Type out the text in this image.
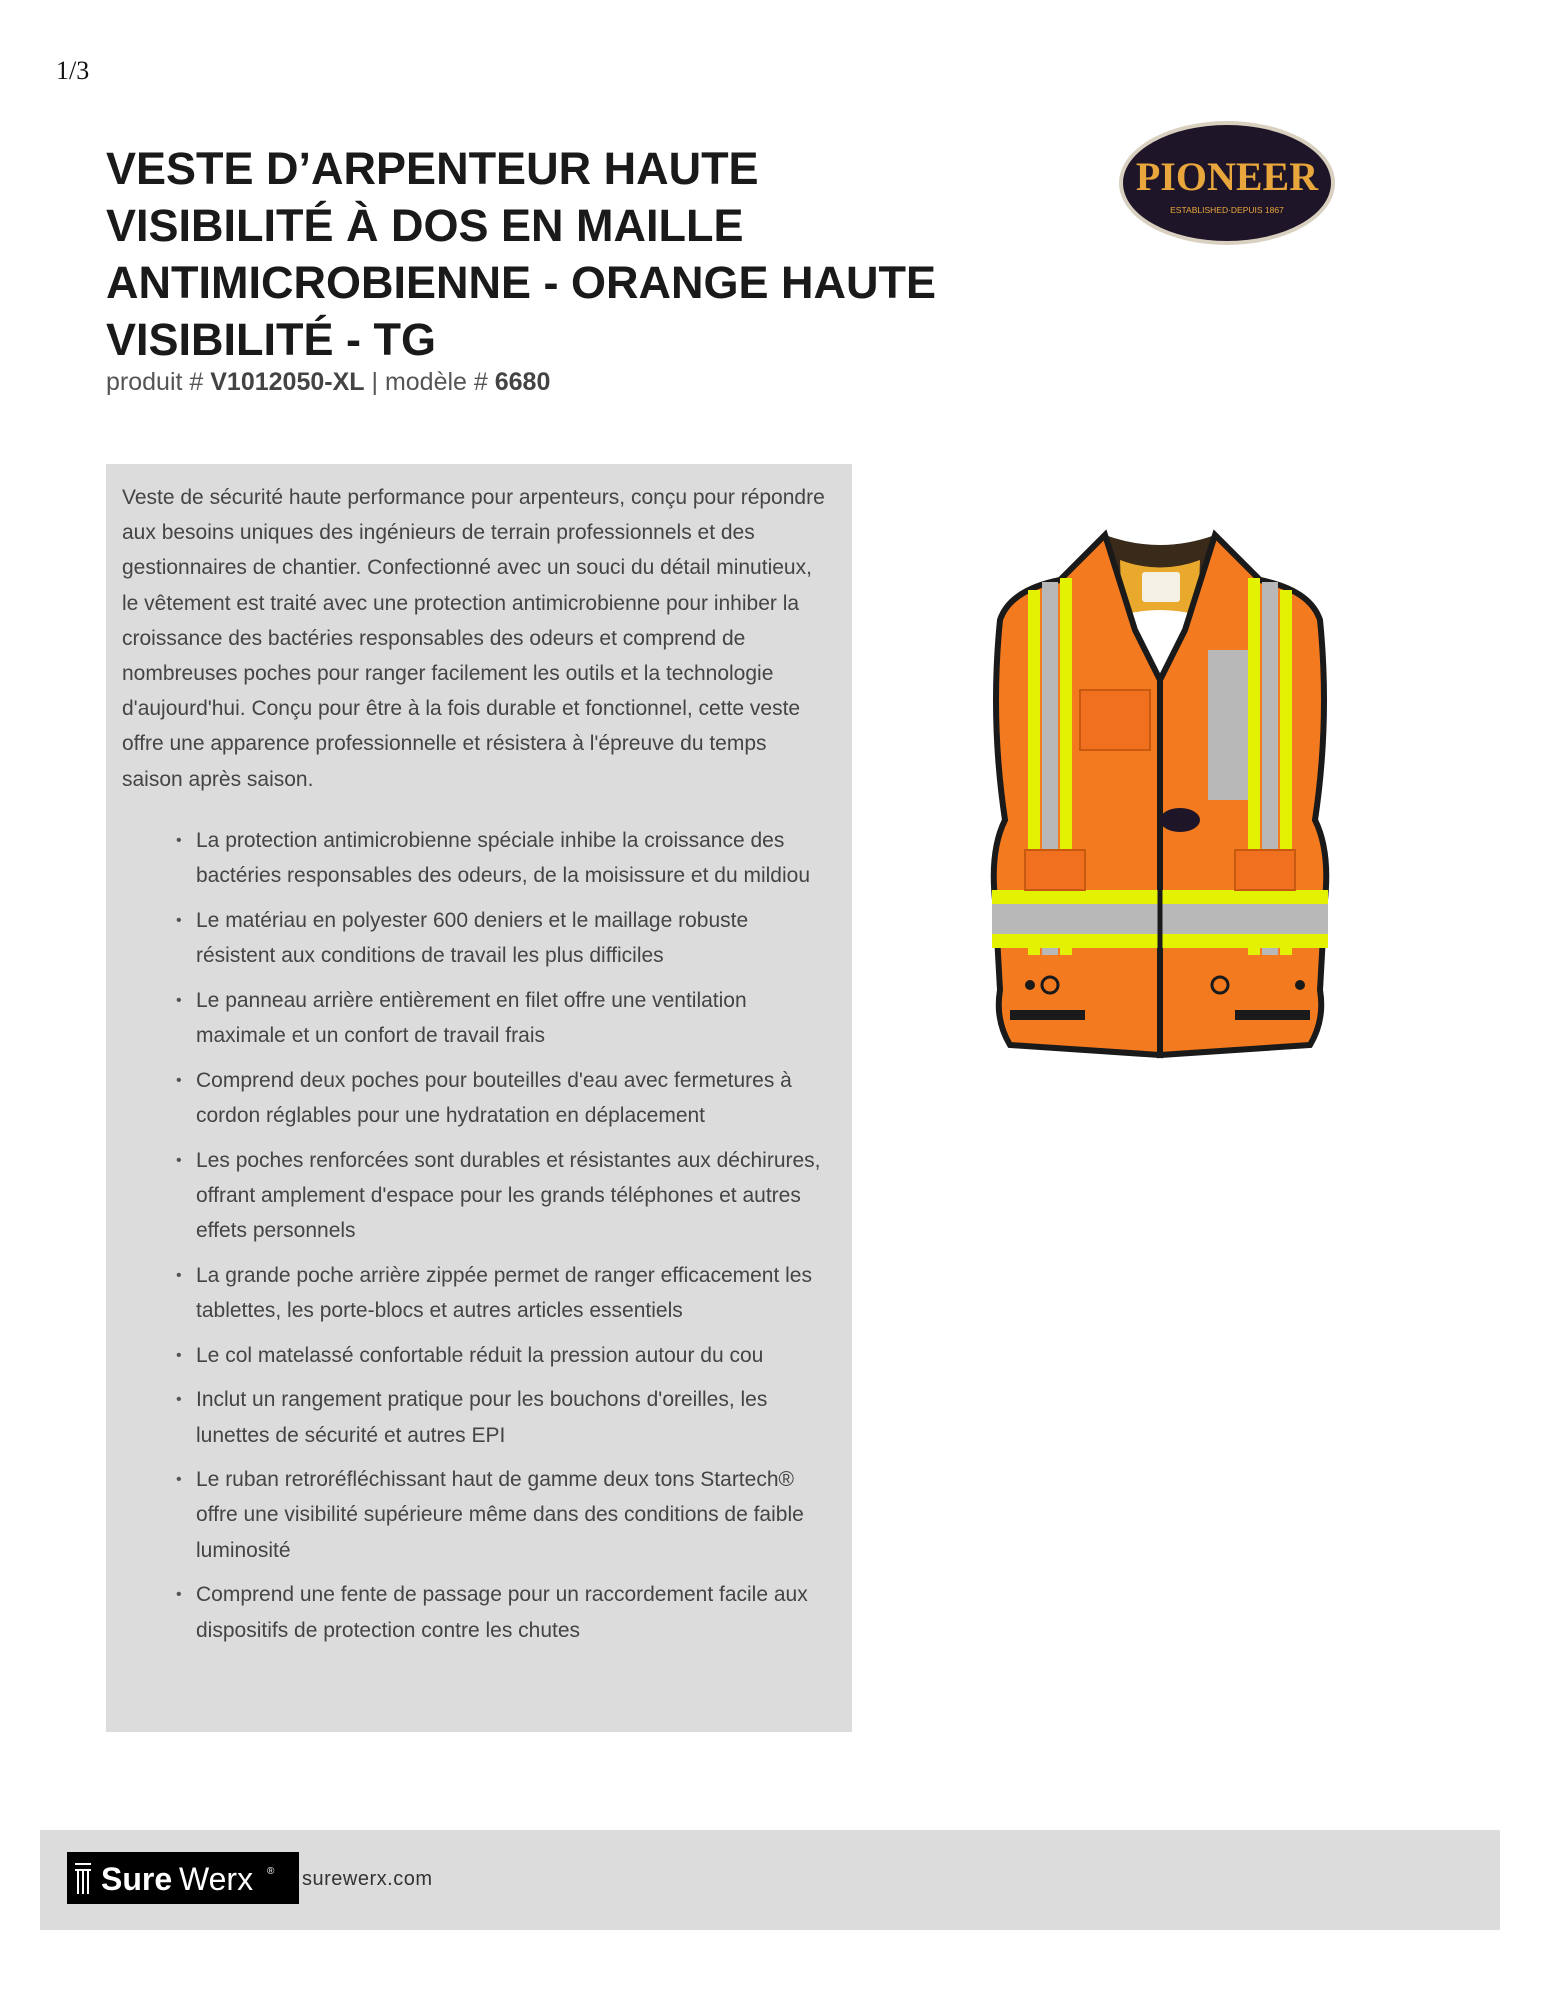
1/3
VESTE D’ARPENTEUR HAUTE
VISIBILITÉ À DOS EN MAILLE
ANTIMICROBIENNE - ORANGE HAUTE
VISIBILITÉ - TG
produit # V1012050-XL | modèle # 6680
PIONEER
ESTABLISHED·DEPUIS 1867

Veste de sécurité haute performance pour arpenteurs, conçu pour répondre aux besoins uniques des ingénieurs de terrain professionnels et des gestionnaires de chantier. Confectionné avec un souci du détail minutieux, le vêtement est traité avec une protection antimicrobienne pour inhiber la croissance des bactéries responsables des odeurs et comprend de nombreuses poches pour ranger facilement les outils et la technologie d'aujourd'hui. Conçu pour être à la fois durable et fonctionnel, cette veste offre une apparence professionnelle et résistera à l'épreuve du temps saison après saison.

• La protection antimicrobienne spéciale inhibe la croissance des bactéries responsables des odeurs, de la moisissure et du mildiou
• Le matériau en polyester 600 deniers et le maillage robuste résistent aux conditions de travail les plus difficiles
• Le panneau arrière entièrement en filet offre une ventilation maximale et un confort de travail frais
• Comprend deux poches pour bouteilles d'eau avec fermetures à cordon réglables pour une hydratation en déplacement
• Les poches renforcées sont durables et résistantes aux déchirures, offrant amplement d'espace pour les grands téléphones et autres effets personnels
• La grande poche arrière zippée permet de ranger efficacement les tablettes, les porte-blocs et autres articles essentiels
• Le col matelassé confortable réduit la pression autour du cou
• Inclut un rangement pratique pour les bouchons d'oreilles, les lunettes de sécurité et autres EPI
• Le ruban retroréfléchissant haut de gamme deux tons Startech® offre une visibilité supérieure même dans des conditions de faible luminosité
• Comprend une fente de passage pour un raccordement facile aux dispositifs de protection contre les chutes
Sure Werx ® surewerx.com
